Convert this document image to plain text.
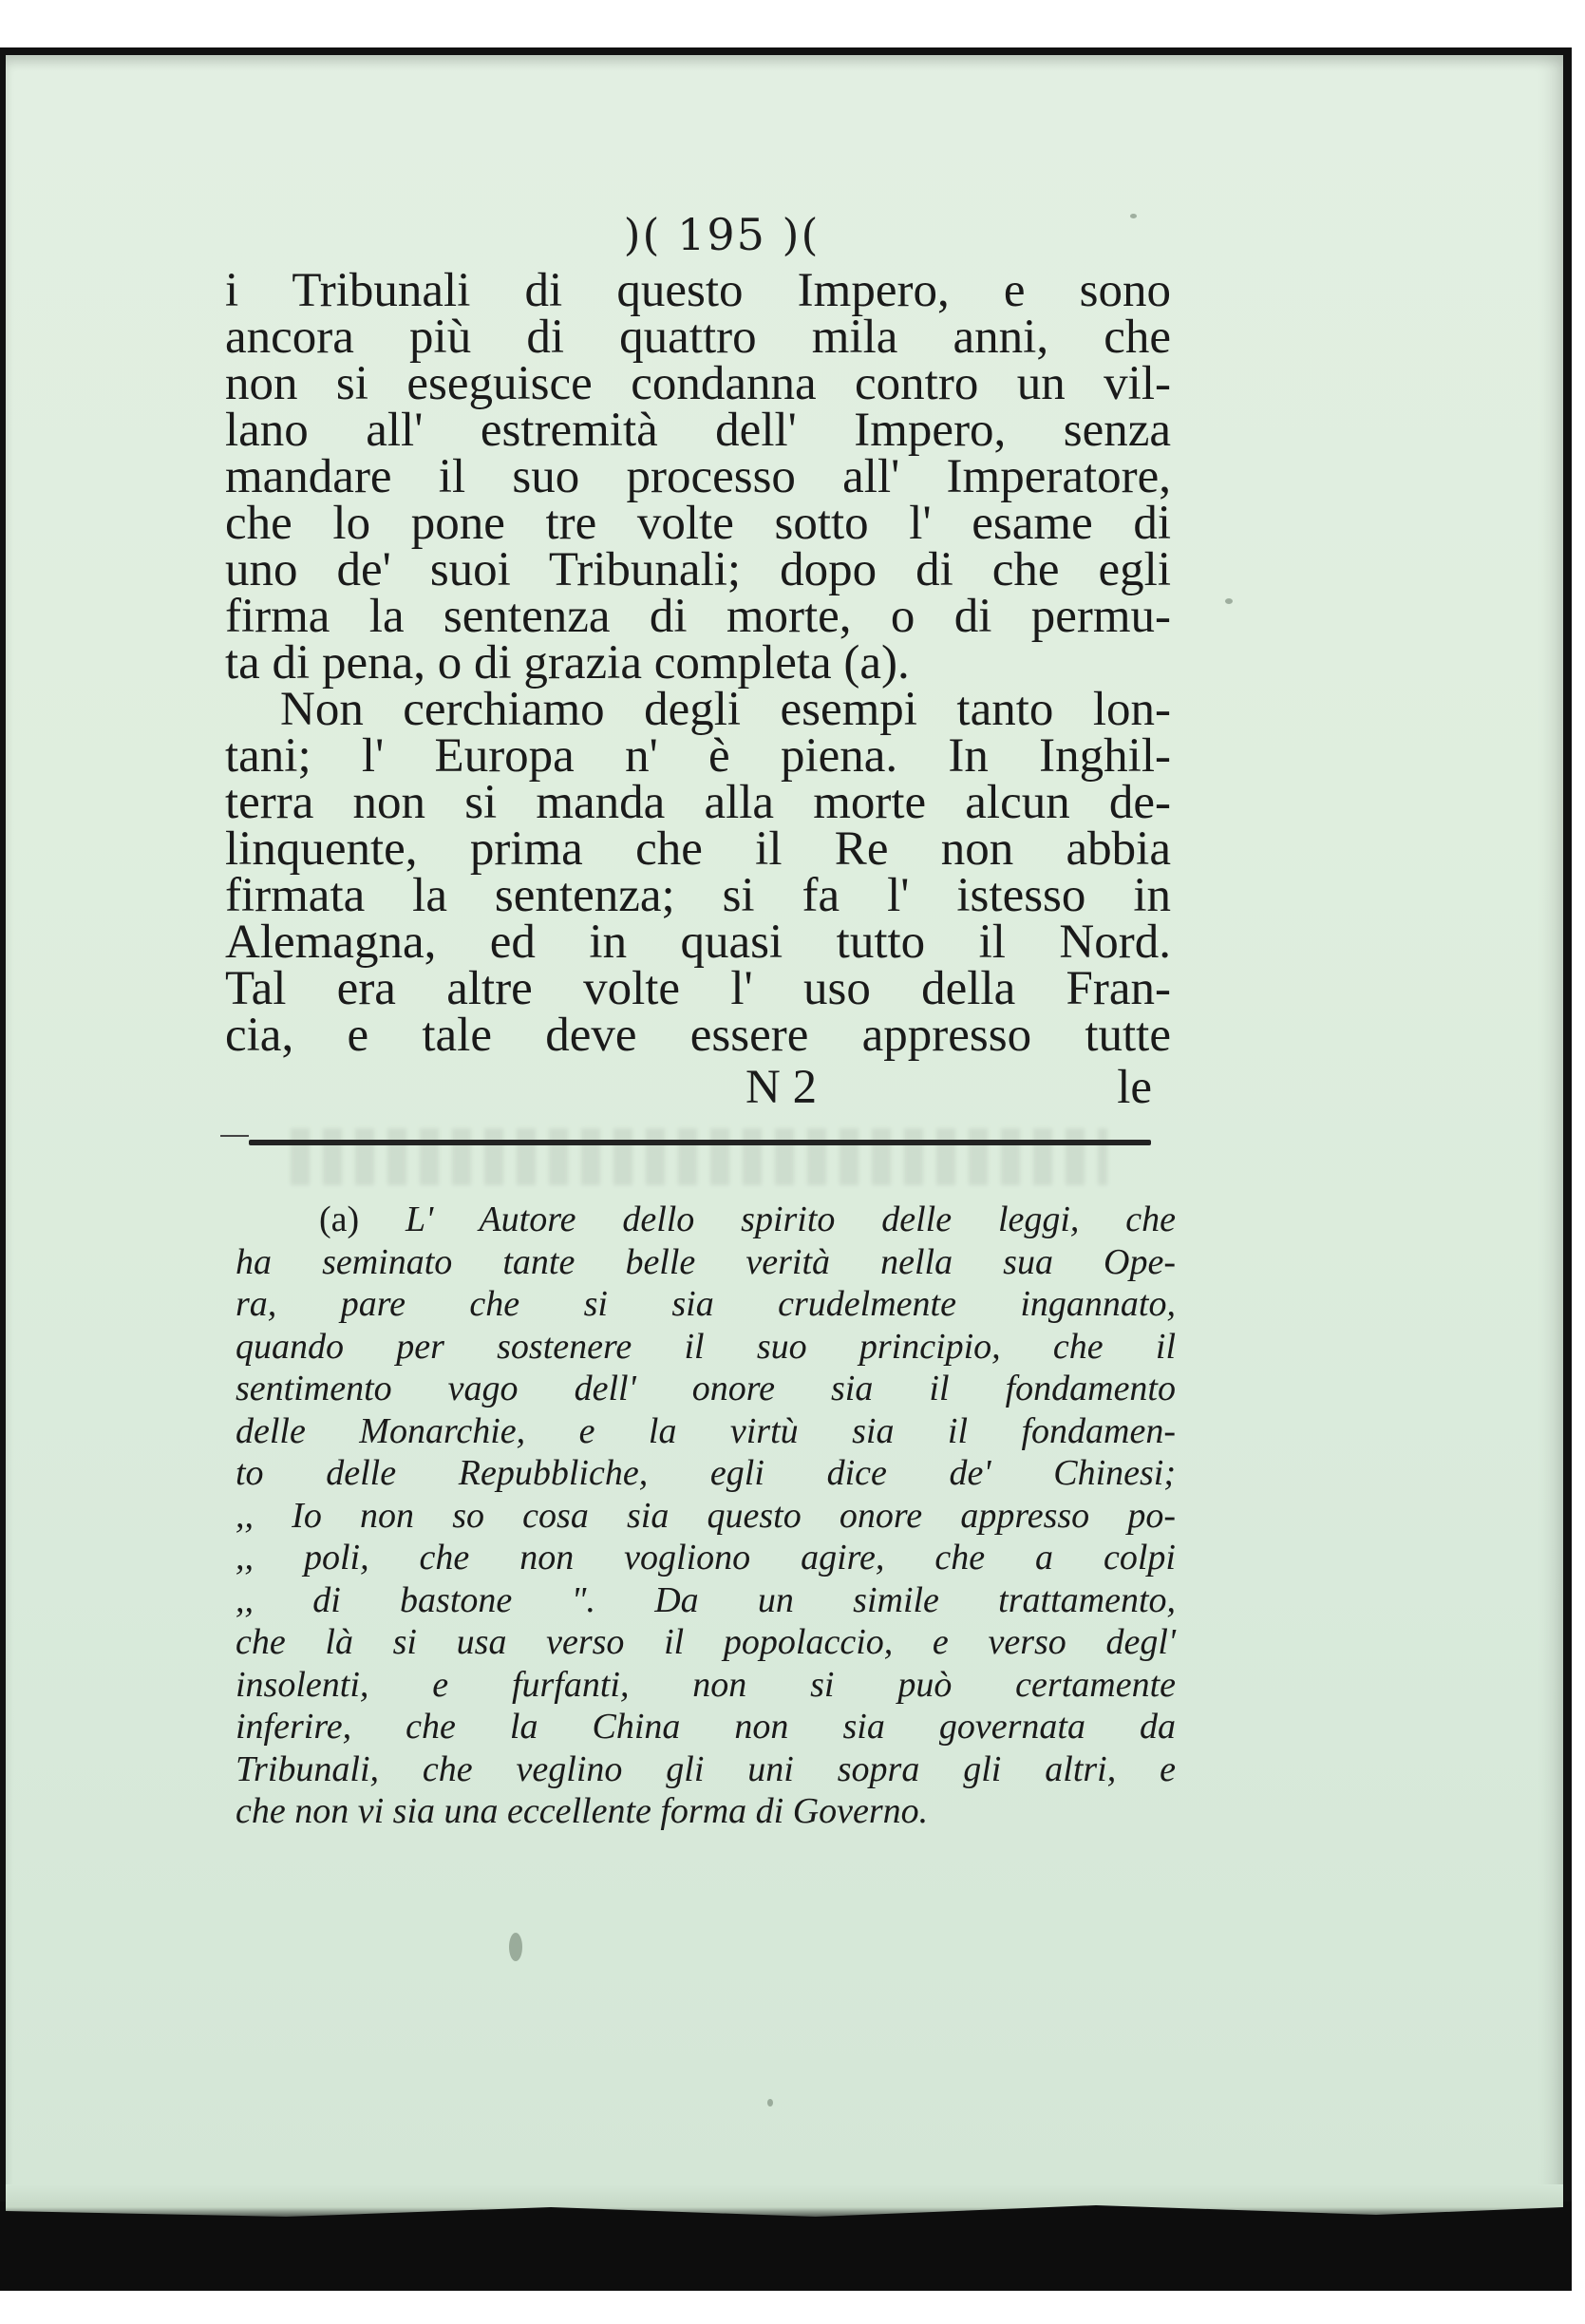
)( 195 )(
i Tribunali di questo Impero, e sono
ancora più di quattro mila anni, che
non si eseguisce condanna contro un vil-
lano all' estremità dell' Impero, senza
mandare il suo processo all' Imperatore,
che lo pone tre volte sotto l' esame di
uno de' suoi Tribunali; dopo di che egli
firma la sentenza di morte, o di permu-
ta di pena, o di grazia completa (a).
Non cerchiamo degli esempi tanto lon-
tani; l' Europa n' è piena. In Inghil-
terra non si manda alla morte alcun de-
linquente, prima che il Re non abbia
firmata la sentenza; si fa l' istesso in
Alemagna, ed in quasi tutto il Nord.
Tal era altre volte l' uso della Fran-
cia, e tale deve essere appresso tutte
N 2	le
(a) L' Autore dello spirito delle leggi, che
ha seminato tante belle verità nella sua Ope-
ra, pare che si sia crudelmente ingannato,
quando per sostenere il suo principio, che il
sentimento vago dell' onore sia il fondamento
delle Monarchie, e la virtù sia il fondamen-
to delle Repubbliche, egli dice de' Chinesi;
,, Io non so cosa sia questo onore appresso po-
,, poli, che non vogliono agire, che a colpi
,, di bastone ". Da un simile trattamento,
che là si usa verso il popolaccio, e verso degl'
insolenti, e furfanti, non si può certamente
inferire, che la China non sia governata da
Tribunali, che veglino gli uni sopra gli altri, e
che non vi sia una eccellente forma di Governo.
